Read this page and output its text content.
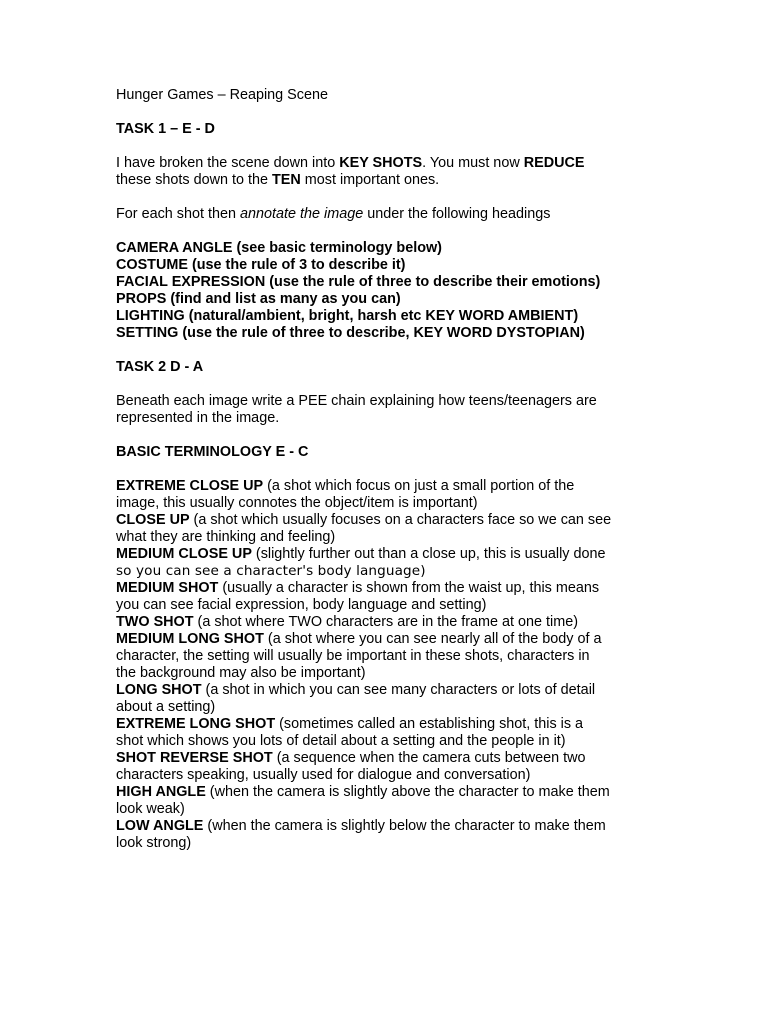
Hunger Games – Reaping Scene

TASK 1 – E - D

I have broken the scene down into KEY SHOTS. You must now REDUCE
these shots down to the TEN most important ones.

For each shot then annotate the image under the following headings

CAMERA ANGLE (see basic terminology below)
COSTUME (use the rule of 3 to describe it)
FACIAL EXPRESSION (use the rule of three to describe their emotions)
PROPS (find and list as many as you can)
LIGHTING (natural/ambient, bright, harsh etc KEY WORD AMBIENT)
SETTING (use the rule of three to describe, KEY WORD DYSTOPIAN)

TASK 2 D - A

Beneath each image write a PEE chain explaining how teens/teenagers are
represented in the image.

BASIC TERMINOLOGY E - C

EXTREME CLOSE UP (a shot which focus on just a small portion of the
image, this usually connotes the object/item is important)
CLOSE UP (a shot which usually focuses on a characters face so we can see
what they are thinking and feeling)
MEDIUM CLOSE UP (slightly further out than a close up, this is usually done
so you can see a character's body language)
MEDIUM SHOT (usually a character is shown from the waist up, this means
you can see facial expression, body language and setting)
TWO SHOT (a shot where TWO characters are in the frame at one time)
MEDIUM LONG SHOT (a shot where you can see nearly all of the body of a
character, the setting will usually be important in these shots, characters in
the background may also be important)
LONG SHOT (a shot in which you can see many characters or lots of detail
about a setting)
EXTREME LONG SHOT (sometimes called an establishing shot, this is a
shot which shows you lots of detail about a setting and the people in it)
SHOT REVERSE SHOT (a sequence when the camera cuts between two
characters speaking, usually used for dialogue and conversation)
HIGH ANGLE (when the camera is slightly above the character to make them
look weak)
LOW ANGLE (when the camera is slightly below the character to make them
look strong)
